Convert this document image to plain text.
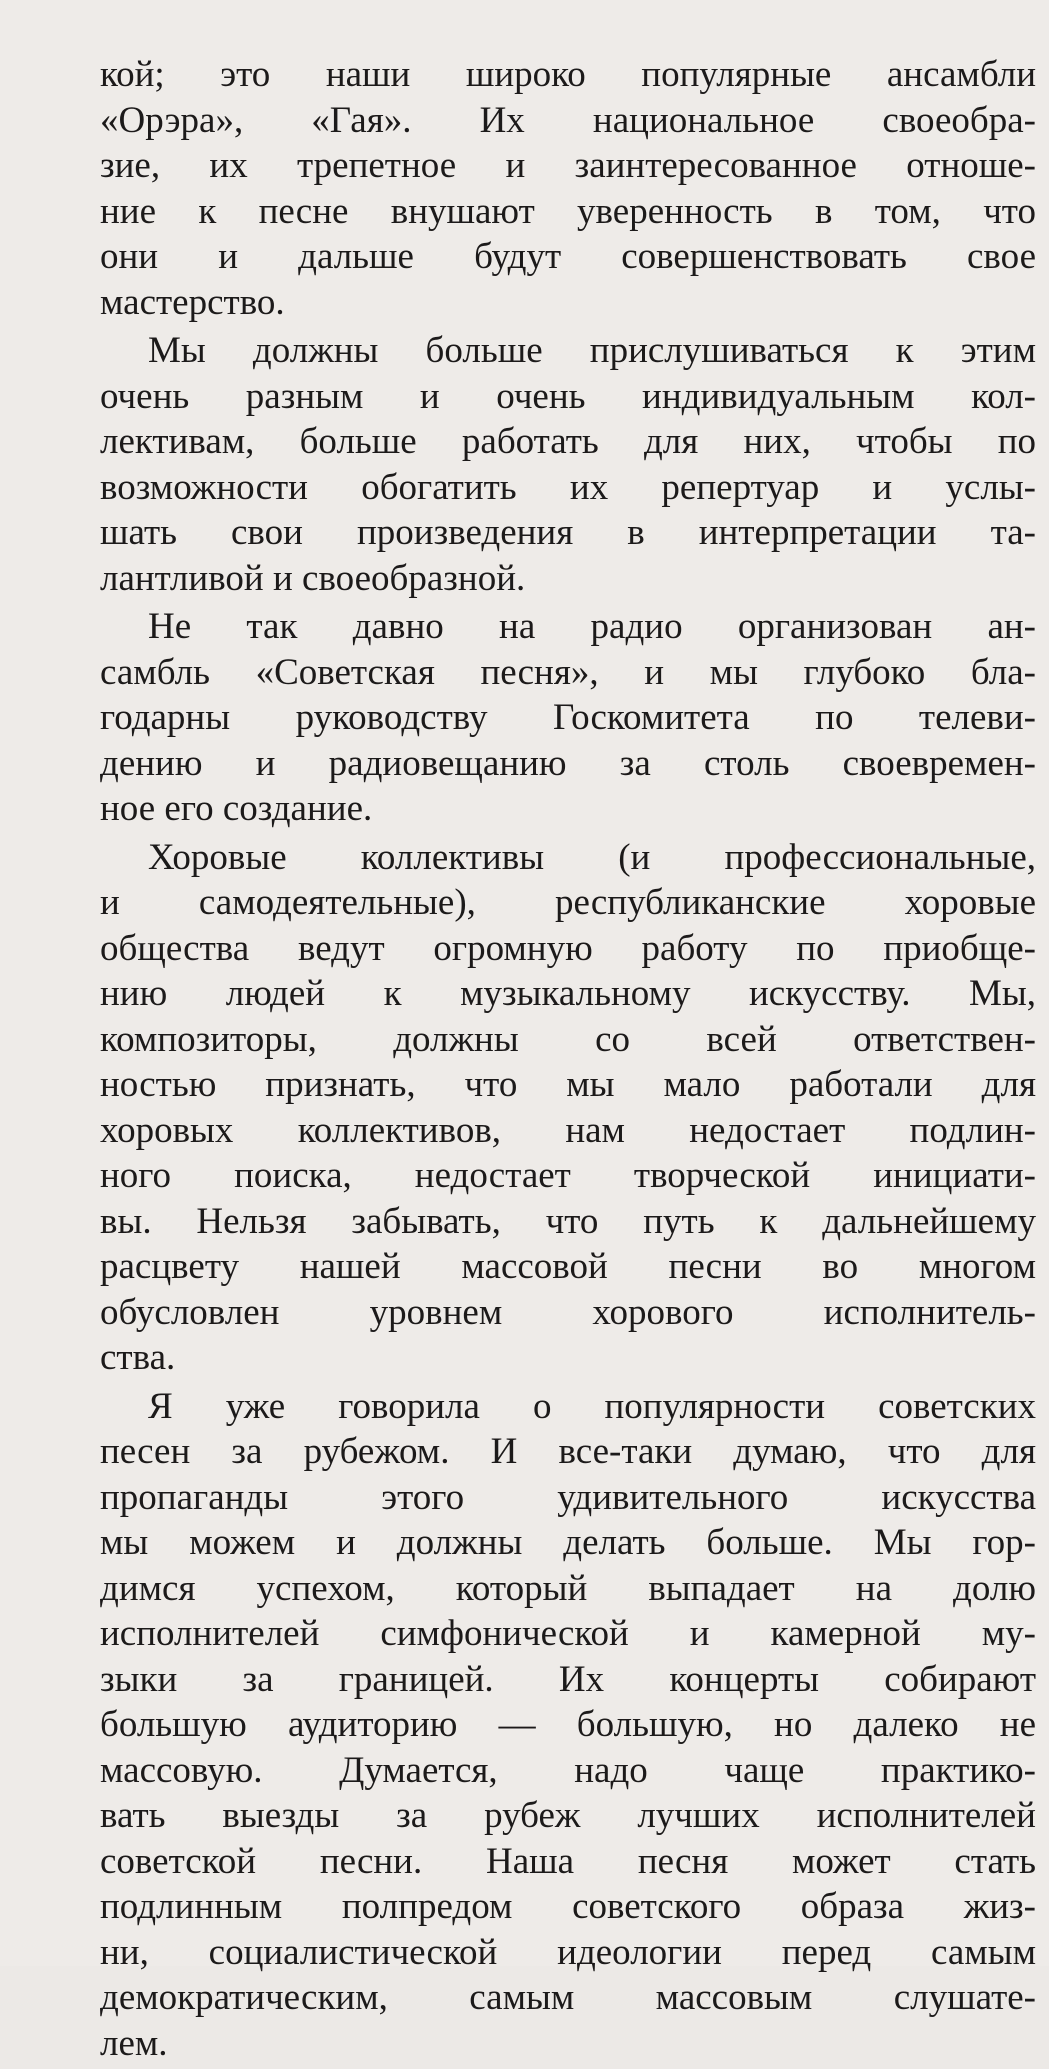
кой; это наши широко популярные ансамбли
«Орэра», «Гая». Их национальное своеобра-
зие, их трепетное и заинтересованное отноше-
ние к песне внушают уверенность в том, что
они и дальше будут совершенствовать свое
мастерство.
Мы должны больше прислушиваться к этим
очень разным и очень индивидуальным кол-
лективам, больше работать для них, чтобы по
возможности обогатить их репертуар и услы-
шать свои произведения в интерпретации та-
лантливой и своеобразной.
Не так давно на радио организован ан-
самбль «Советская песня», и мы глубоко бла-
годарны руководству Госкомитета по телеви-
дению и радиовещанию за столь своевремен-
ное его создание.
Хоровые коллективы (и профессиональные,
и самодеятельные), республиканские хоровые
общества ведут огромную работу по приобще-
нию людей к музыкальному искусству. Мы,
композиторы, должны со всей ответствен-
ностью признать, что мы мало работали для
хоровых коллективов, нам недостает подлин-
ного поиска, недостает творческой инициати-
вы. Нельзя забывать, что путь к дальнейшему
расцвету нашей массовой песни во многом
обусловлен уровнем хорового исполнитель-
ства.
Я уже говорила о популярности советских
песен за рубежом. И все-таки думаю, что для
пропаганды этого удивительного искусства
мы можем и должны делать больше. Мы гор-
димся успехом, который выпадает на долю
исполнителей симфонической и камерной му-
зыки за границей. Их концерты собирают
большую аудиторию — большую, но далеко не
массовую. Думается, надо чаще практико-
вать выезды за рубеж лучших исполнителей
советской песни. Наша песня может стать
подлинным полпредом советского образа жиз-
ни, социалистической идеологии перед самым
демократическим, самым массовым слушате-
лем.
